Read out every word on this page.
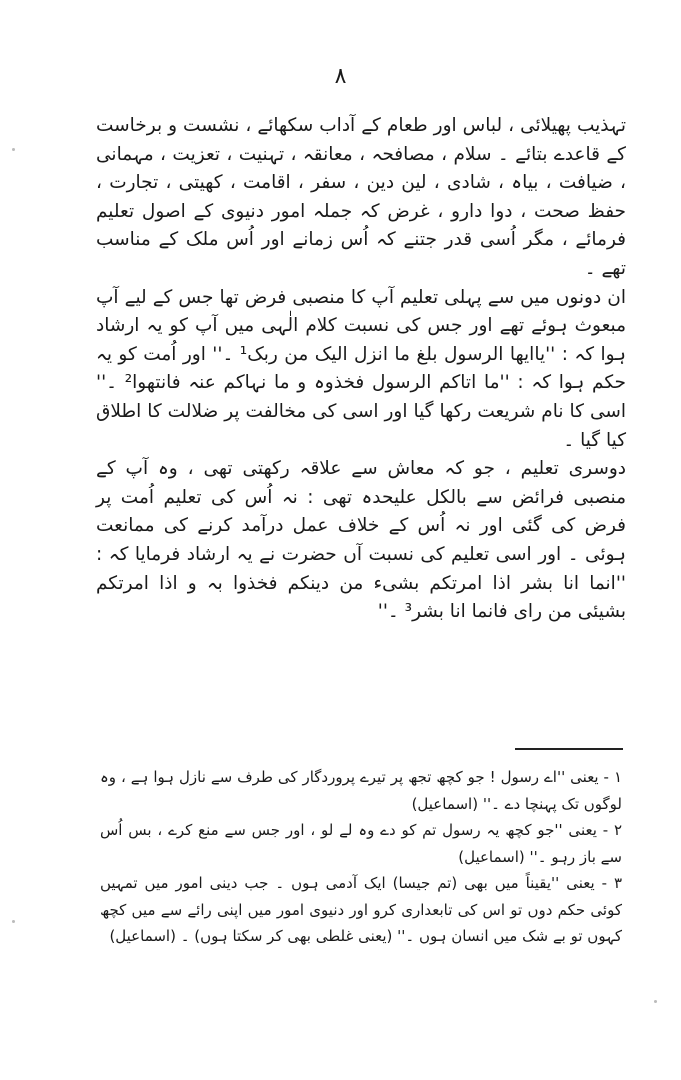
۸

تہذیب پھیلائی ، لباس اور طعام کے آداب سکھائے ، نشست و برخاست کے قاعدے بتائے ۔ سلام ، مصافحہ ، معانقہ ، تہنیت ، تعزیت ، مہمانی ، ضیافت ، بیاہ ، شادی ، لین دین ، سفر ، اقامت ، کھیتی ، تجارت ، حفظ صحت ، دوا دارو ، غرض کہ جملہ امور دنیوی کے اصول تعلیم فرمائے ، مگر اُسی قدر جتنے کہ اُس زمانے اور اُس ملک کے مناسب تھے ۔

ان دونوں میں سے پہلی تعلیم آپ کا منصبی فرض تھا جس کے لیے آپ مبعوث ہوئے تھے اور جس کی نسبت کلام الٰہی میں آپ کو یہ ارشاد ہوا کہ : ''یاایھا الرسول بلغ ما انزل الیک من ربک¹ ۔'' اور اُمت کو یہ حکم ہوا کہ : ''ما اتاکم الرسول فخذوہ و ما نہاکم عنہ فانتھوا² ۔'' اسی کا نام شریعت رکھا گیا اور اسی کی مخالفت پر ضلالت کا اطلاق کیا گیا ۔

دوسری تعلیم ، جو کہ معاش سے علاقہ رکھتی تھی ، وہ آپ کے منصبی فرائض سے بالکل علیحدہ تھی : نہ اُس کی تعلیم اُمت پر فرض کی گئی اور نہ اُس کے خلاف عمل درآمد کرنے کی ممانعت ہوئی ۔ اور اسی تعلیم کی نسبت آں حضرت نے یہ ارشاد فرمایا کہ : ''انما انا بشر اذا امرتکم بشیء من دینکم فخذوا بہ و اذا امرتکم بشیئی من رای فانما انا بشر³ ۔''

۱ - یعنی ''اے رسول ! جو کچھ تجھ پر تیرے پروردگار کی طرف سے نازل ہوا ہے ، وہ لوگوں تک پہنچا دے ۔'' (اسماعیل)

۲ - یعنی ''جو کچھ یہ رسول تم کو دے وہ لے لو ، اور جس سے منع کرے ، بس اُس سے باز رہو ۔'' (اسماعیل)

۳ - یعنی ''یقیناً میں بھی (تم جیسا) ایک آدمی ہوں ۔ جب دینی امور میں تمہیں کوئی حکم دوں تو اس کی تابعداری کرو اور دنیوی امور میں اپنی رائے سے میں کچھ کہوں تو بے شک میں انسان ہوں ۔'' (یعنی غلطی بھی کر سکتا ہوں) ۔ (اسماعیل)
